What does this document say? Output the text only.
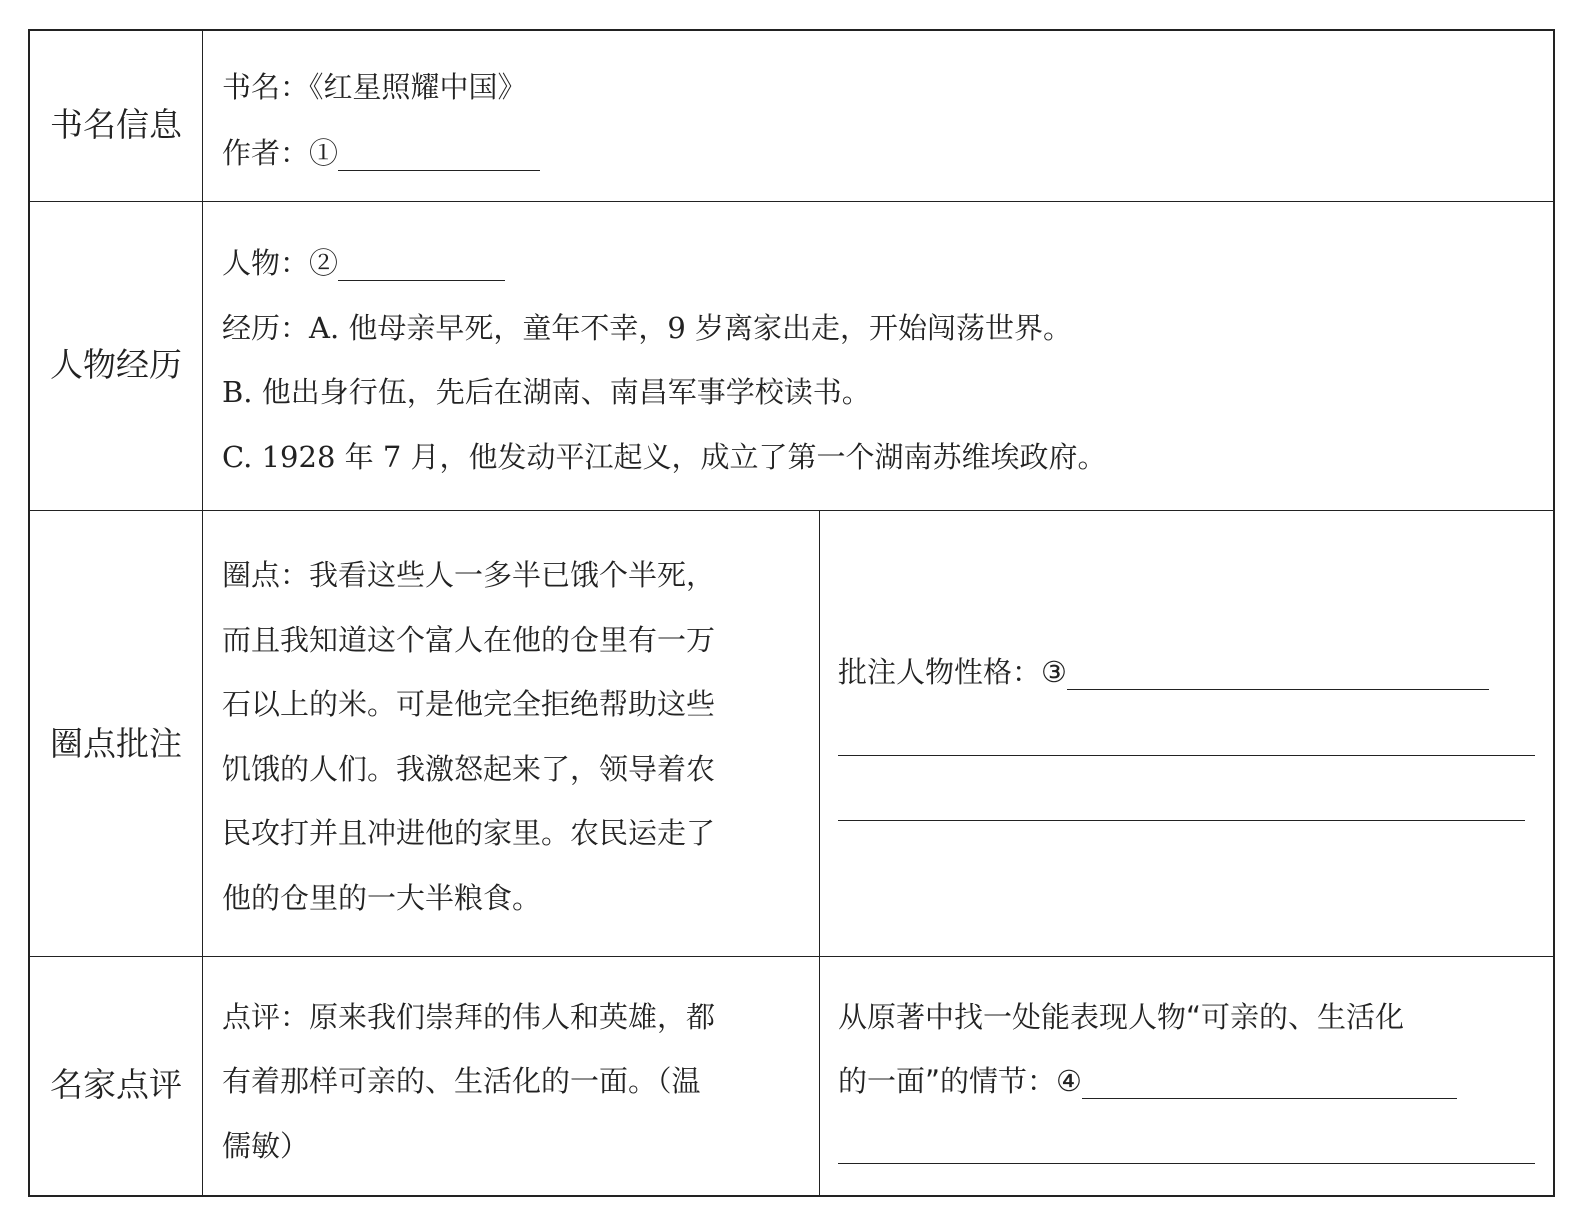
书名信息
书名：《红星照耀中国》
作者：①
人物经历
人物：②
经历：A. 他母亲早死，童年不幸，9 岁离家出走，开始闯荡世界。
B. 他出身行伍，先后在湖南、南昌军事学校读书。
C. 1928 年 7 月，他发动平江起义，成立了第一个湖南苏维埃政府。
圈点批注
圈点：我看这些人一多半已饿个半死，
而且我知道这个富人在他的仓里有一万
石以上的米。可是他完全拒绝帮助这些
饥饿的人们。我激怒起来了，领导着农
民攻打并且冲进他的家里。农民运走了
他的仓里的一大半粮食。
批注人物性格：③
名家点评
点评：原来我们崇拜的伟人和英雄，都
有着那样可亲的、生活化的一面。（温
儒敏）
从原著中找一处能表现人物“可亲的、生活化
的一面”的情节：④
